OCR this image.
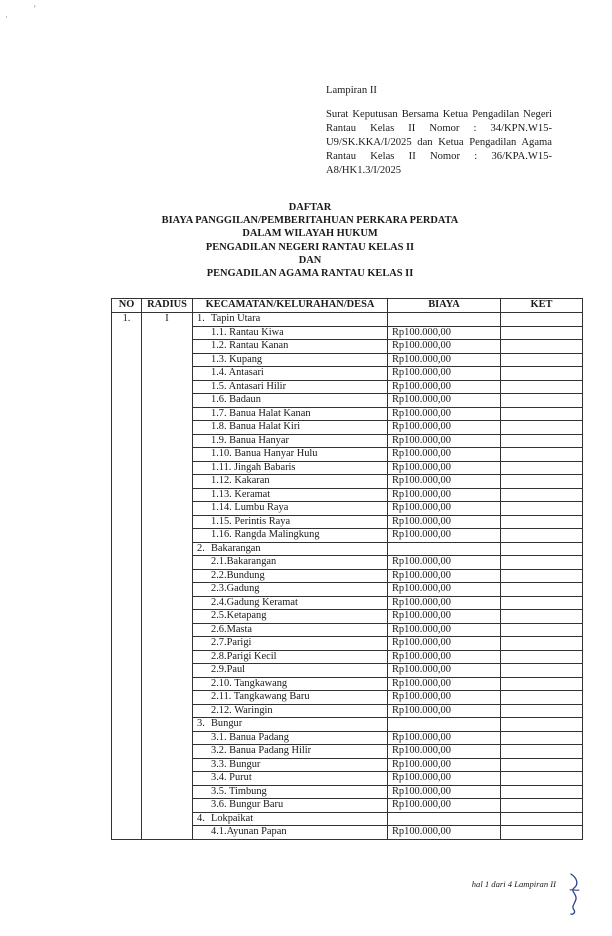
·
'
Lampiran II
Surat Keputusan Bersama Ketua Pengadilan Negeri Rantau Kelas II Nomor : 34/KPN.W15-U9/SK.KKA/I/2025 dan Ketua Pengadilan Agama Rantau Kelas II Nomor : 36/KPA.W15-A8/HK1.3/I/2025
DAFTAR
BIAYA PANGGILAN/PEMBERITAHUAN PERKARA PERDATA
DALAM WILAYAH HUKUM
PENGADILAN NEGERI RANTAU KELAS II
DAN
PENGADILAN AGAMA RANTAU KELAS II
NO	RADIUS	KECAMATAN/KELURAHAN/DESA	BIAYA	KET
1.	I	1. Tapin Utara		
		1.1. Rantau Kiwa	Rp100.000,00	
		1.2. Rantau Kanan	Rp100.000,00	
		1.3. Kupang	Rp100.000,00	
		1.4. Antasari	Rp100.000,00	
		1.5. Antasari Hilir	Rp100.000,00	
		1.6. Badaun	Rp100.000,00	
		1.7. Banua Halat Kanan	Rp100.000,00	
		1.8. Banua Halat Kiri	Rp100.000,00	
		1.9. Banua Hanyar	Rp100.000,00	
		1.10. Banua Hanyar Hulu	Rp100.000,00	
		1.11. Jingah Babaris	Rp100.000,00	
		1.12. Kakaran	Rp100.000,00	
		1.13. Keramat	Rp100.000,00	
		1.14. Lumbu Raya	Rp100.000,00	
		1.15. Perintis Raya	Rp100.000,00	
		1.16. Rangda Malingkung	Rp100.000,00	
		2. Bakarangan		
		2.1.Bakarangan	Rp100.000,00	
		2.2.Bundung	Rp100.000,00	
		2.3.Gadung	Rp100.000,00	
		2.4.Gadung Keramat	Rp100.000,00	
		2.5.Ketapang	Rp100.000,00	
		2.6.Masta	Rp100.000,00	
		2.7.Parigi	Rp100.000,00	
		2.8.Parigi Kecil	Rp100.000,00	
		2.9.Paul	Rp100.000,00	
		2.10. Tangkawang	Rp100.000,00	
		2.11. Tangkawang Baru	Rp100.000,00	
		2.12. Waringin	Rp100.000,00	
		3. Bungur		
		3.1. Banua Padang	Rp100.000,00	
		3.2. Banua Padang Hilir	Rp100.000,00	
		3.3. Bungur	Rp100.000,00	
		3.4. Purut	Rp100.000,00	
		3.5. Timbung	Rp100.000,00	
		3.6. Bungur Baru	Rp100.000,00	
		4. Lokpaikat		
		4.1.Ayunan Papan	Rp100.000,00	
hal 1 dari 4 Lampiran II
